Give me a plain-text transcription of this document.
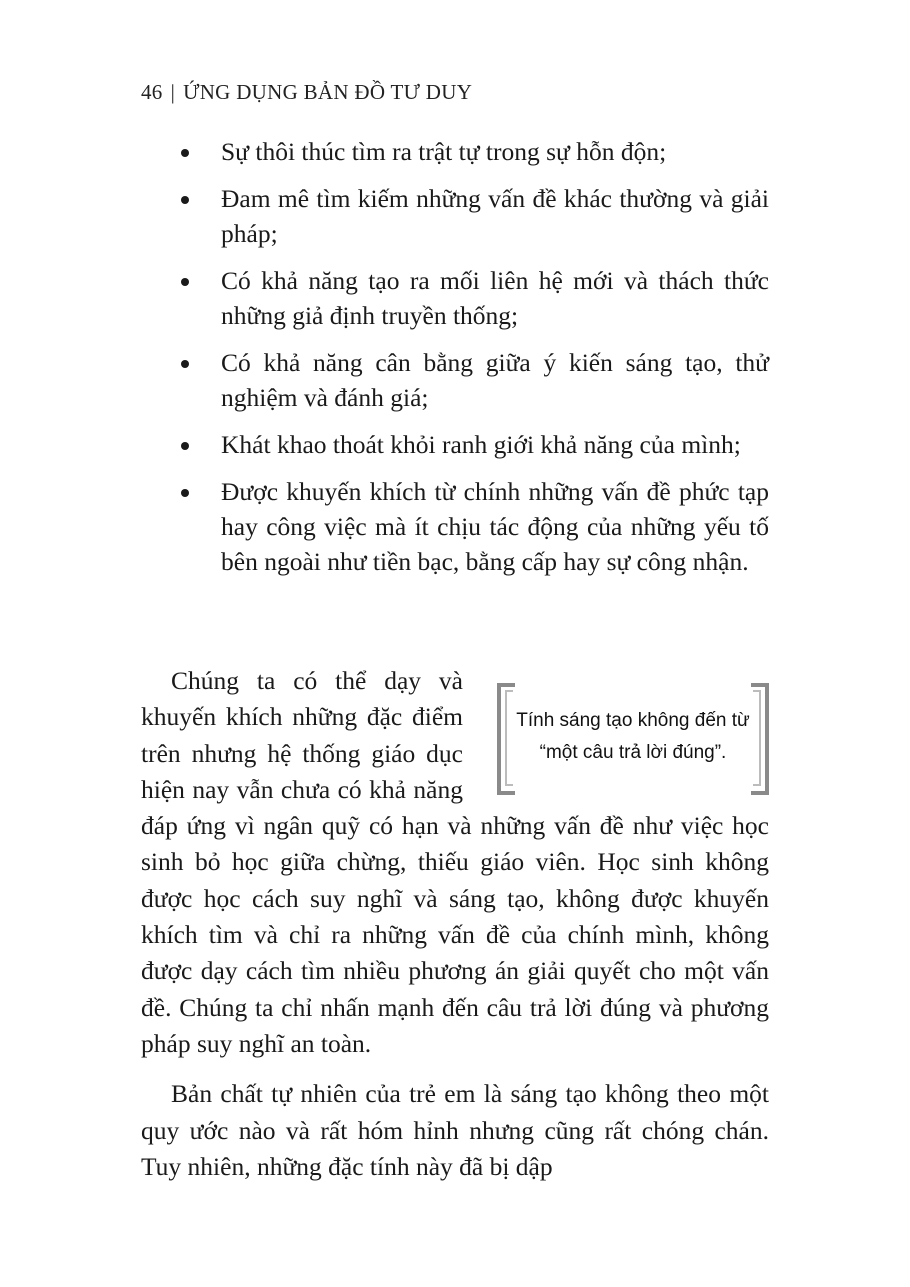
46 | ỨNG DỤNG BẢN ĐỒ TƯ DUY
Sự thôi thúc tìm ra trật tự trong sự hỗn độn;
Đam mê tìm kiếm những vấn đề khác thường và giải pháp;
Có khả năng tạo ra mối liên hệ mới và thách thức những giả định truyền thống;
Có khả năng cân bằng giữa ý kiến sáng tạo, thử nghiệm và đánh giá;
Khát khao thoát khỏi ranh giới khả năng của mình;
Được khuyến khích từ chính những vấn đề phức tạp hay công việc mà ít chịu tác động của những yếu tố bên ngoài như tiền bạc, bằng cấp hay sự công nhận.

Chúng ta có thể dạy và khuyến khích những đặc điểm trên nhưng hệ thống giáo dục hiện nay vẫn chưa có khả năng đáp ứng vì ngân quỹ có hạn và những vấn đề như việc học sinh bỏ học giữa chừng, thiếu giáo viên. Học sinh không được học cách suy nghĩ và sáng tạo, không được khuyến khích tìm và chỉ ra những vấn đề của chính mình, không được dạy cách tìm nhiều phương án giải quyết cho một vấn đề. Chúng ta chỉ nhấn mạnh đến câu trả lời đúng và phương pháp suy nghĩ an toàn.

Bản chất tự nhiên của trẻ em là sáng tạo không theo một quy ước nào và rất hóm hỉnh nhưng cũng rất chóng chán. Tuy nhiên, những đặc tính này đã bị dập

Tính sáng tạo không đến từ “một câu trả lời đúng”.
